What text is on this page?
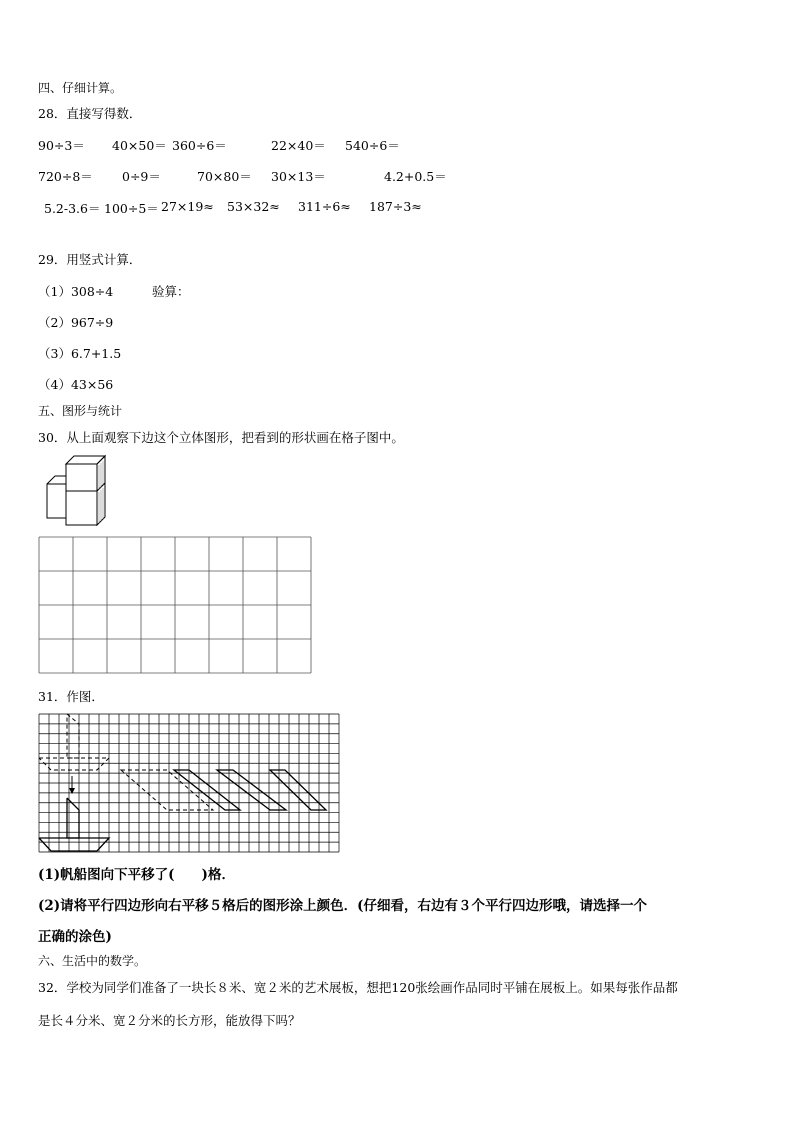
四、仔细计算。
28．直接写得数．
90÷3＝ 40×50＝ 360÷6＝	22×40＝ 540÷6＝
720÷8＝ 0÷9＝	70×80＝ 30×13＝	4.2+0.5＝
5.2-3.6＝ 100÷5＝ 27×19≈ 53×32≈ 311÷6≈ 187÷3≈
29．用竖式计算．
（1）308÷4	验算：
（2）967÷9
（3）6.7+1.5
（4）43×56
五、图形与统计
30．从上面观察下边这个立体图形，把看到的形状画在格子图中。
31．作图．
(1)帆船图向下平移了(　　)格．
(2)请将平行四边形向右平移５格后的图形涂上颜色．(仔细看，右边有３个平行四边形哦，请选择一个
正确的涂色)
六、生活中的数学。
32．学校为同学们准备了一块长８米、宽２米的艺术展板，想把120张绘画作品同时平铺在展板上。如果每张作品都
是长４分米、宽２分米的长方形，能放得下吗？
